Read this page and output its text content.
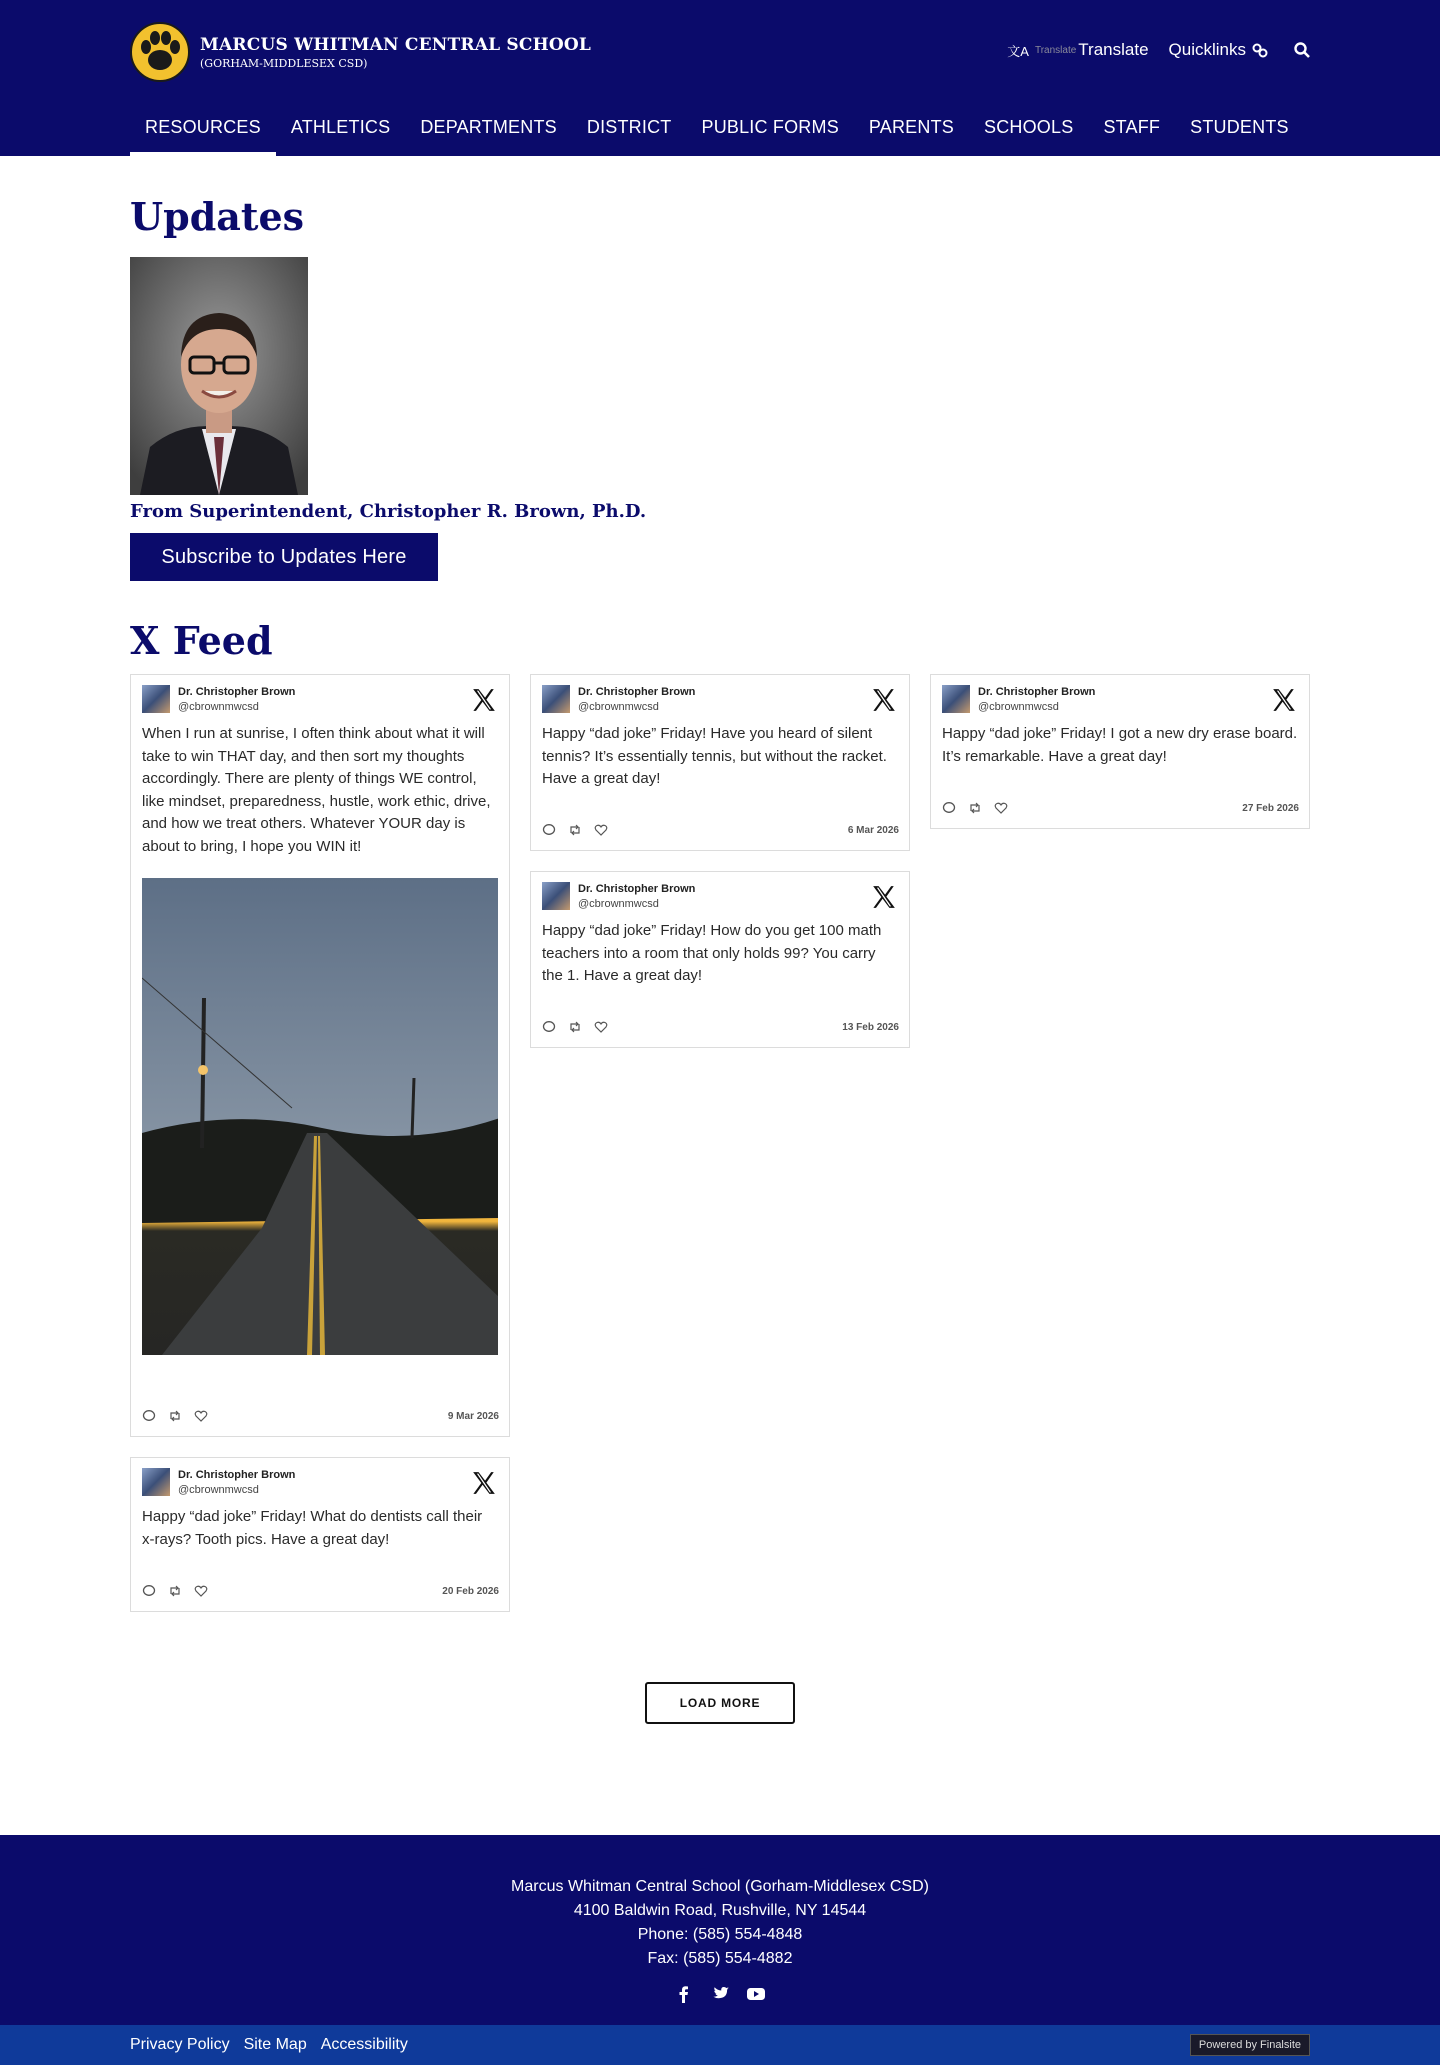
MARCUS WHITMAN CENTRAL SCHOOL
(GORHAM-MIDDLESEX CSD)
文A Translate Translate Quicklinks
RESOURCES	ATHLETICS	DEPARTMENTS	DISTRICT	PUBLIC FORMS	PARENTS	SCHOOLS	STAFF	STUDENTS
Updates
From Superintendent, Christopher R. Brown, Ph.D.
Subscribe to Updates Here
X Feed
Dr. Christopher Brown
@cbrownmwcsd
When I run at sunrise, I often think about what it will take to win THAT day, and then sort my thoughts accordingly. There are plenty of things WE control, like mindset, preparedness, hustle, work ethic, drive, and how we treat others. Whatever YOUR day is about to bring, I hope you WIN it!
9 Mar 2026
Dr. Christopher Brown
@cbrownmwcsd
Happy “dad joke” Friday! Have you heard of silent tennis? It’s essentially tennis, but without the racket. Have a great day!
6 Mar 2026
Dr. Christopher Brown
@cbrownmwcsd
Happy “dad joke” Friday! I got a new dry erase board. It’s remarkable. Have a great day!
27 Feb 2026
Dr. Christopher Brown
@cbrownmwcsd
Happy “dad joke” Friday! How do you get 100 math teachers into a room that only holds 99? You carry the 1. Have a great day!
13 Feb 2026
Dr. Christopher Brown
@cbrownmwcsd
Happy “dad joke” Friday! What do dentists call their x-rays? Tooth pics. Have a great day!
20 Feb 2026
LOAD MORE
Marcus Whitman Central School (Gorham-Middlesex CSD)
4100 Baldwin Road, Rushville, NY 14544
Phone: (585) 554-4848
Fax: (585) 554-4882
Privacy Policy Site Map Accessibility	Powered by Finalsite
